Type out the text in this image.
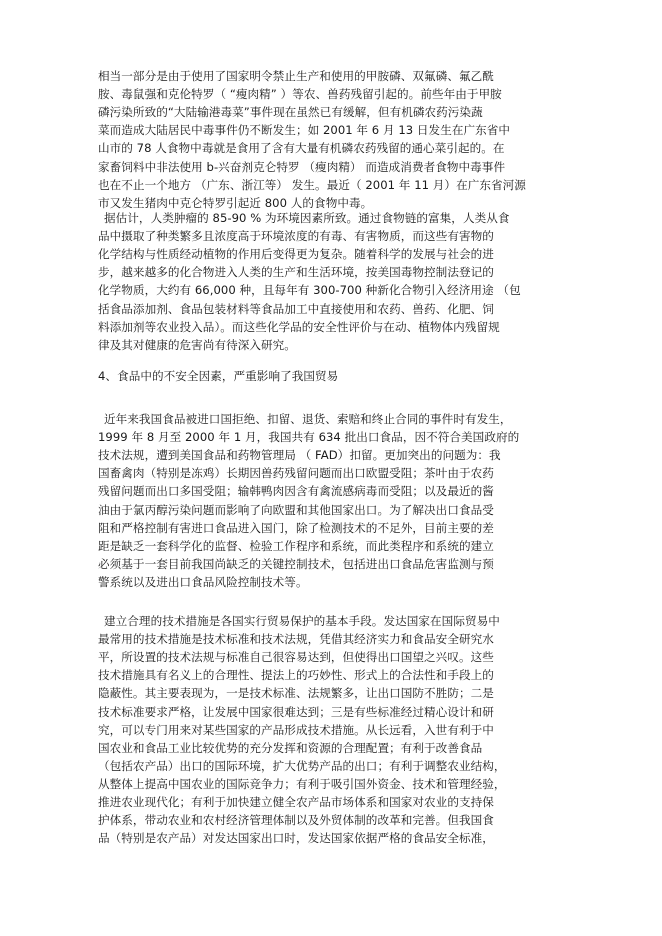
相当一部分是由于使用了国家明令禁止生产和使用的甲胺磷、双氟磷、氟乙酰
胺、毒鼠强和克伦特罗（ “瘦肉精” ）等农、兽药残留引起的。前些年由于甲胺
磷污染所致的“大陆输港毒菜”事件现在虽然已有缓解，但有机磷农药污染蔬
菜而造成大陆居民中毒事件仍不断发生；如 2001 年 6 月 13 日发生在广东省中
山市的 78 人食物中毒就是食用了含有大量有机磷农药残留的通心菜引起的。在
家畜饲料中非法使用 b-兴奋剂克仑特罗 （瘦肉精） 而造成消费者食物中毒事件
也在不止一个地方 （广东、浙江等） 发生。最近（ 2001 年 11 月）在广东省河源
市又发生猪肉中克仑特罗引起近 800 人的食物中毒。
据估计，人类肿瘤的 85-90 % 为环境因素所致。通过食物链的富集，人类从食
品中摄取了种类繁多且浓度高于环境浓度的有毒、有害物质，而这些有害物的
化学结构与性质经动植物的作用后变得更为复杂。随着科学的发展与社会的进
步，越来越多的化合物进入人类的生产和生活环境，按美国毒物控制法登记的
化学物质，大约有 66,000 种，且每年有 300-700 种新化合物引入经济用途 （包
括食品添加剂、食品包装材料等食品加工中直接使用和农药、兽药、化肥、饲
料添加剂等农业投入品）。而这些化学品的安全性评价与在动、植物体内残留规
律及其对健康的危害尚有待深入研究。
4、食品中的不安全因素，严重影响了我国贸易
近年来我国食品被进口国拒绝、扣留、退货、索赔和终止合同的事件时有发生，
1999 年 8 月至 2000 年 1 月，我国共有 634 批出口食品，因不符合美国政府的
技术法规，遭到美国食品和药物管理局 （ FAD）扣留。更加突出的问题为：我
国畜禽肉（特别是冻鸡）长期因兽药残留问题而出口欧盟受阻；茶叶由于农药
残留问题而出口多国受阻；输韩鸭肉因含有禽流感病毒而受阻；以及最近的酱
油由于氯丙醇污染问题而影响了向欧盟和其他国家出口。为了解决出口食品受
阻和严格控制有害进口食品进入国门，除了检测技术的不足外，目前主要的差
距是缺乏一套科学化的监督、检验工作程序和系统，而此类程序和系统的建立
必须基于一套目前我国尚缺乏的关键控制技术，包括进出口食品危害监测与预
警系统以及进出口食品风险控制技术等。
建立合理的技术措施是各国实行贸易保护的基本手段。发达国家在国际贸易中
最常用的技术措施是技术标准和技术法规，凭借其经济实力和食品安全研究水
平，所设置的技术法规与标准自己很容易达到，但使得出口国望之兴叹。这些
技术措施具有名义上的合理性、提法上的巧妙性、形式上的合法性和手段上的
隐蔽性。其主要表现为，一是技术标准、法规繁多，让出口国防不胜防；二是
技术标准要求严格，让发展中国家很难达到；三是有些标准经过精心设计和研
究，可以专门用来对某些国家的产品形成技术措施。从长远看，入世有利于中
国农业和食品工业比较优势的充分发挥和资源的合理配置；有利于改善食品
（包括农产品）出口的国际环境，扩大优势产品的出口；有利于调整农业结构，
从整体上提高中国农业的国际竞争力；有利于吸引国外资金、技术和管理经验，
推进农业现代化；有利于加快建立健全农产品市场体系和国家对农业的支持保
护体系，带动农业和农村经济管理体制以及外贸体制的改革和完善。但我国食
品（特别是农产品）对发达国家出口时，发达国家依据严格的食品安全标准，
